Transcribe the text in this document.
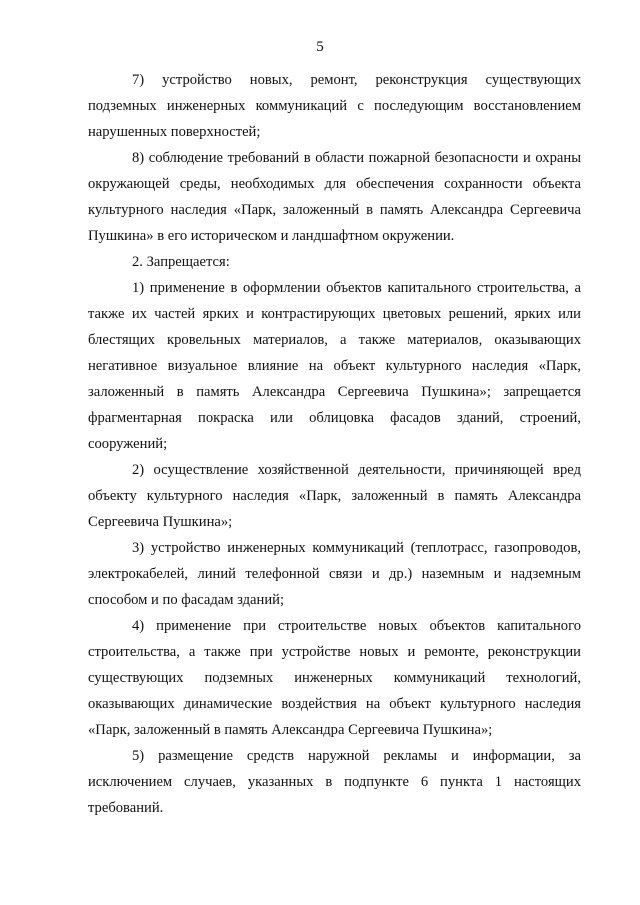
5

7) устройство новых, ремонт, реконструкция существующих подземных инженерных коммуникаций с последующим восстановлением нарушенных поверхностей;

8) соблюдение требований в области пожарной безопасности и охраны окружающей среды, необходимых для обеспечения сохранности объекта культурного наследия «Парк, заложенный в память Александра Сергеевича Пушкина» в его историческом и ландшафтном окружении.

2. Запрещается:

1) применение в оформлении объектов капитального строительства, а также их частей ярких и контрастирующих цветовых решений, ярких или блестящих кровельных материалов, а также материалов, оказывающих негативное визуальное влияние на объект культурного наследия «Парк, заложенный в память Александра Сергеевича Пушкина»; запрещается фрагментарная покраска или облицовка фасадов зданий, строений, сооружений;

2) осуществление хозяйственной деятельности, причиняющей вред объекту культурного наследия «Парк, заложенный в память Александра Сергеевича Пушкина»;

3) устройство инженерных коммуникаций (теплотрасс, газопроводов, электрокабелей, линий телефонной связи и др.) наземным и надземным способом и по фасадам зданий;

4) применение при строительстве новых объектов капитального строительства, а также при устройстве новых и ремонте, реконструкции существующих подземных инженерных коммуникаций технологий, оказывающих динамические воздействия на объект культурного наследия «Парк, заложенный в память Александра Сергеевича Пушкина»;

5) размещение средств наружной рекламы и информации, за исключением случаев, указанных в подпункте 6 пункта 1 настоящих требований.
